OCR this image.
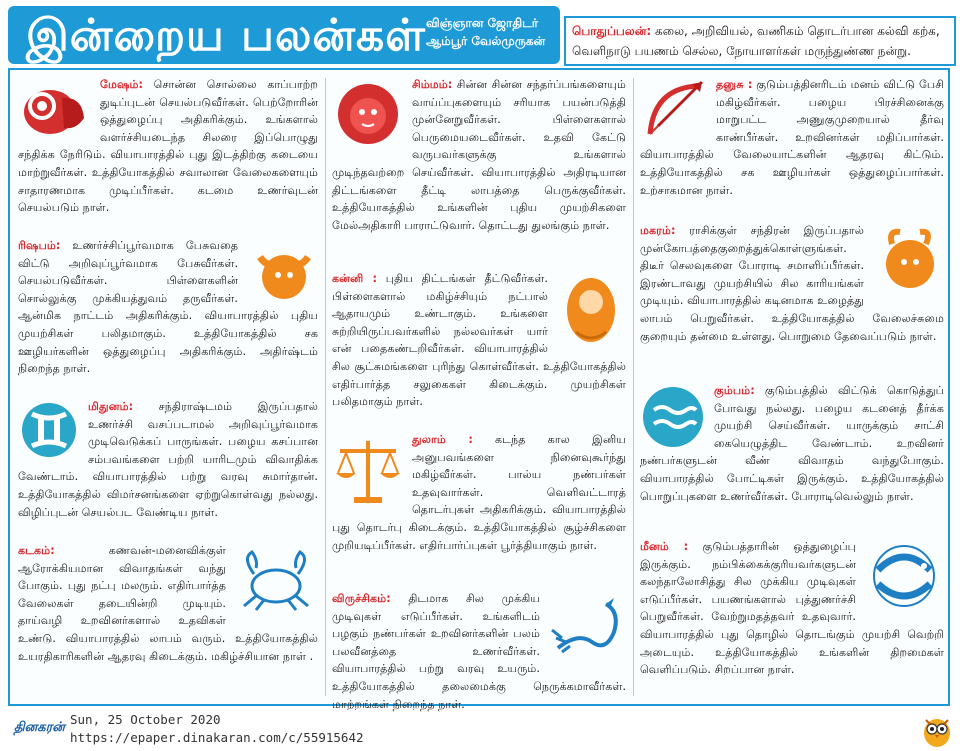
இன்றைய பலன்கள் விஞ்ஞான ஜோதிடர்
ஆம்பூர் வேல்முருகன்
பொதுப்பலன்: கலை, அறிவியல், வணிகம் தொடர்பான கல்வி கற்க, வெளிநாடு பயணம் செல்ல, நோயாளர்கள் மருந்துண்ண நன்று.
மேஷம்: சொன்ன சொல்லை காப்பாற்ற துடிப்புடன் செயல்படுவீர்கள். பெற்றோரின் ஒத்துழைப்பு அதிகரிக்கும். உங்களால் வளர்ச்சியடைந்த சிலரை இப்பொழுது சந்திக்க நேரிடும். வியாபாரத்தில் புது இடத்திற்கு கடையை மாற்றுவீர்கள். உத்தியோகத்தில் சவாலான வேலைகளையும் சாதாரணமாக முடிப்பீர்கள். கடமை உணர்வுடன் செயல்படும் நாள்.
ரிஷபம்: உணர்ச்சிப்பூர்வமாக பேசுவதை விட்டு அறிவுப்பூர்வமாக பேசுவீர்கள். செயல்படுவீர்கள். பிள்ளைகளின் சொல்லுக்கு முக்கியத்துவம் தருவீர்கள். ஆன்மிக நாட்டம் அதிகரிக்கும். வியாபாரத்தில் புதிய முயற்சிகள் பலிதமாகும். உத்தியோகத்தில் சக ஊழியர்களின் ஒத்துழைப்பு அதிகரிக்கும். அதிர்ஷ்டம் நிறைந்த நாள்.
மிதுனம்: சந்திராஷ்டமம் இருப்பதால் உணர்ச்சி வசப்படாமல் அறிவுப்பூர்வமாக முடிவெடுக்கப் பாருங்கள். பழைய கசப்பான சம்பவங்களை பற்றி யாரிடமும் விவாதிக்க வேண்டாம். வியாபாரத்தில் பற்று வரவு சுமார்தான். உத்தியோகத்தில் விமர்சனங்களை ஏற்றுகொள்வது நல்லது. விழிப்புடன் செயல்பட வேண்டிய நாள்.
கடகம்:	கணவன்-மனைவிக்குள் ஆரோக்கியமான விவாதங்கள் வந்து போகும். புது நட்பு மலரும். எதிர்பார்த்த வேலைகள் தடையின்றி முடியும். தாய்வழி உறவினர்களால் உதவிகள் உண்டு. வியாபாரத்தில் லாபம் வரும். உத்தியோகத்தில் உயரதிகாரிகளின் ஆதரவு கிடைக்கும். மகிழ்ச்சியான நாள் .
சிம்மம்: சின்ன சின்ன சந்தர்ப்பங்களையும் வாய்ப்புகளையும் சரியாக பயன்படுத்தி முன்னேறுவீர்கள். பிள்ளைகளால் பெருமையடைவீர்கள். உதவி கேட்டு வருபவர்களுக்கு உங்களால் முடிந்தவற்றை செய்வீர்கள். வியாபாரத்தில் அதிரடியான திட்டங்களை தீட்டி லாபத்தை பெருக்குவீர்கள். உத்தியோகத்தில் உங்களின் புதிய முயற்சிகளை மேல்அதிகாரி பாராட்டுவார். தொட்டது துலங்கும் நாள்.
கன்னி : புதிய திட்டங்கள் தீட்டுவீர்கள். பிள்ளைகளால் மகிழ்ச்சியும் நட்பால் ஆதாயமும் உண்டாகும். உங்களை சுற்றியிருப்பவர்களில் நல்லவர்கள் யார் என் பதைகண்டறிவீர்கள். வியாபாரத்தில் சில சூட்சுமங்களை புரிந்து கொள்வீர்கள். உத்தியோகத்தில் எதிர்பார்த்த சலுகைகள் கிடைக்கும். முயற்சிகள் பலிதமாகும் நாள்.
துலாம் : கடந்த கால இனிய அனுபவங்களை நினைவுகூர்ந்து மகிழ்வீர்கள். பால்ய நண்பர்கள் உதவுவார்கள். வெளிவட்டாரத் தொடர்புகள் அதிகரிக்கும். வியாபாரத்தில் புது தொடர்பு கிடைக்கும். உத்தியோகத்தில் சூழ்ச்சிகளை முறியடிப்பீர்கள். எதிர்பார்ப்புகள் பூர்த்தியாகும் நாள்.
விருச்சிகம்: திடமாக சில முக்கிய முடிவுகள் எடுப்பீர்கள். உங்களிடம் பழகும் நண்பர்கள் உறவினர்களின் பலம் பலவீனத்தை உணர்வீர்கள். வியாபாரத்தில் பற்று வரவு உயரும். உத்தியோகத்தில் தலைமைக்கு நெருக்கமாவீர்கள். மாற்றங்கள் நிறைந்த நாள்.
தனுசு : குடும்பத்தினரிடம் மனம் விட்டு பேசி மகிழ்வீர்கள். பழைய பிரச்சினைக்கு மாறுபட்ட அணுகுமுறையால் தீர்வு காண்பீர்கள். உறவினர்கள் மதிப்பார்கள். வியாபாரத்தில் வேலையாட்களின் ஆதரவு கிட்டும். உத்தியோகத்தில் சக ஊழியர்கள் ஒத்துழைப்பார்கள். உற்சாகமான நாள்.
மகரம்: ராசிக்குள் சந்திரன் இருப்பதால் முன்கோபத்தைகுறைத்துக்கொள்ளுங்கள். திடீர் செலவுகளை போராடி சமாளிப்பீர்கள். இரண்டாவது முயற்சியில் சில காரியங்கள் முடியும். வியாபாரத்தில் கடினமாக உழைத்து லாபம் பெறுவீர்கள். உத்தியோகத்தில் வேலைச்சுமை குறையும் தன்மை உள்ளது. பொறுமை தேவைப்படும் நாள்.
கும்பம்: குடும்பத்தில் விட்டுக் கொடுத்துப் போவது நல்லது. பழைய கடனைத் தீர்க்க முயற்சி செய்வீர்கள். யாருக்கும் சாட்சி கையெழுத்திட வேண்டாம். உறவினர் நண்பர்களுடன் வீண் விவாதம் வந்துபோகும். வியாபாரத்தில் போட்டிகள் இருக்கும். உத்தியோகத்தில் பொறுப்புகளை உணர்வீர்கள். போராடிவெல்லும் நாள்.
மீனம் : குடும்பத்தாரின் ஒத்துழைப்பு இருக்கும். நம்பிக்கைக்குரியவர்களுடன் கலந்தாலோசித்து சில முக்கிய முடிவுகள் எடுப்பீர்கள். பயணங்களால் புத்துணர்ச்சி பெறுவீர்கள். வேற்றுமதத்தவர் உதவுவார். வியாபாரத்தில் புது தொழில் தொடங்கும் முயற்சி வெற்றி அடையும். உத்தியோகத்தில் உங்களின் திறமைகள் வெளிப்படும். சிறப்பான நாள்.
தினகரன்
Sun, 25 October 2020
https://epaper.dinakaran.com/c/55915642
